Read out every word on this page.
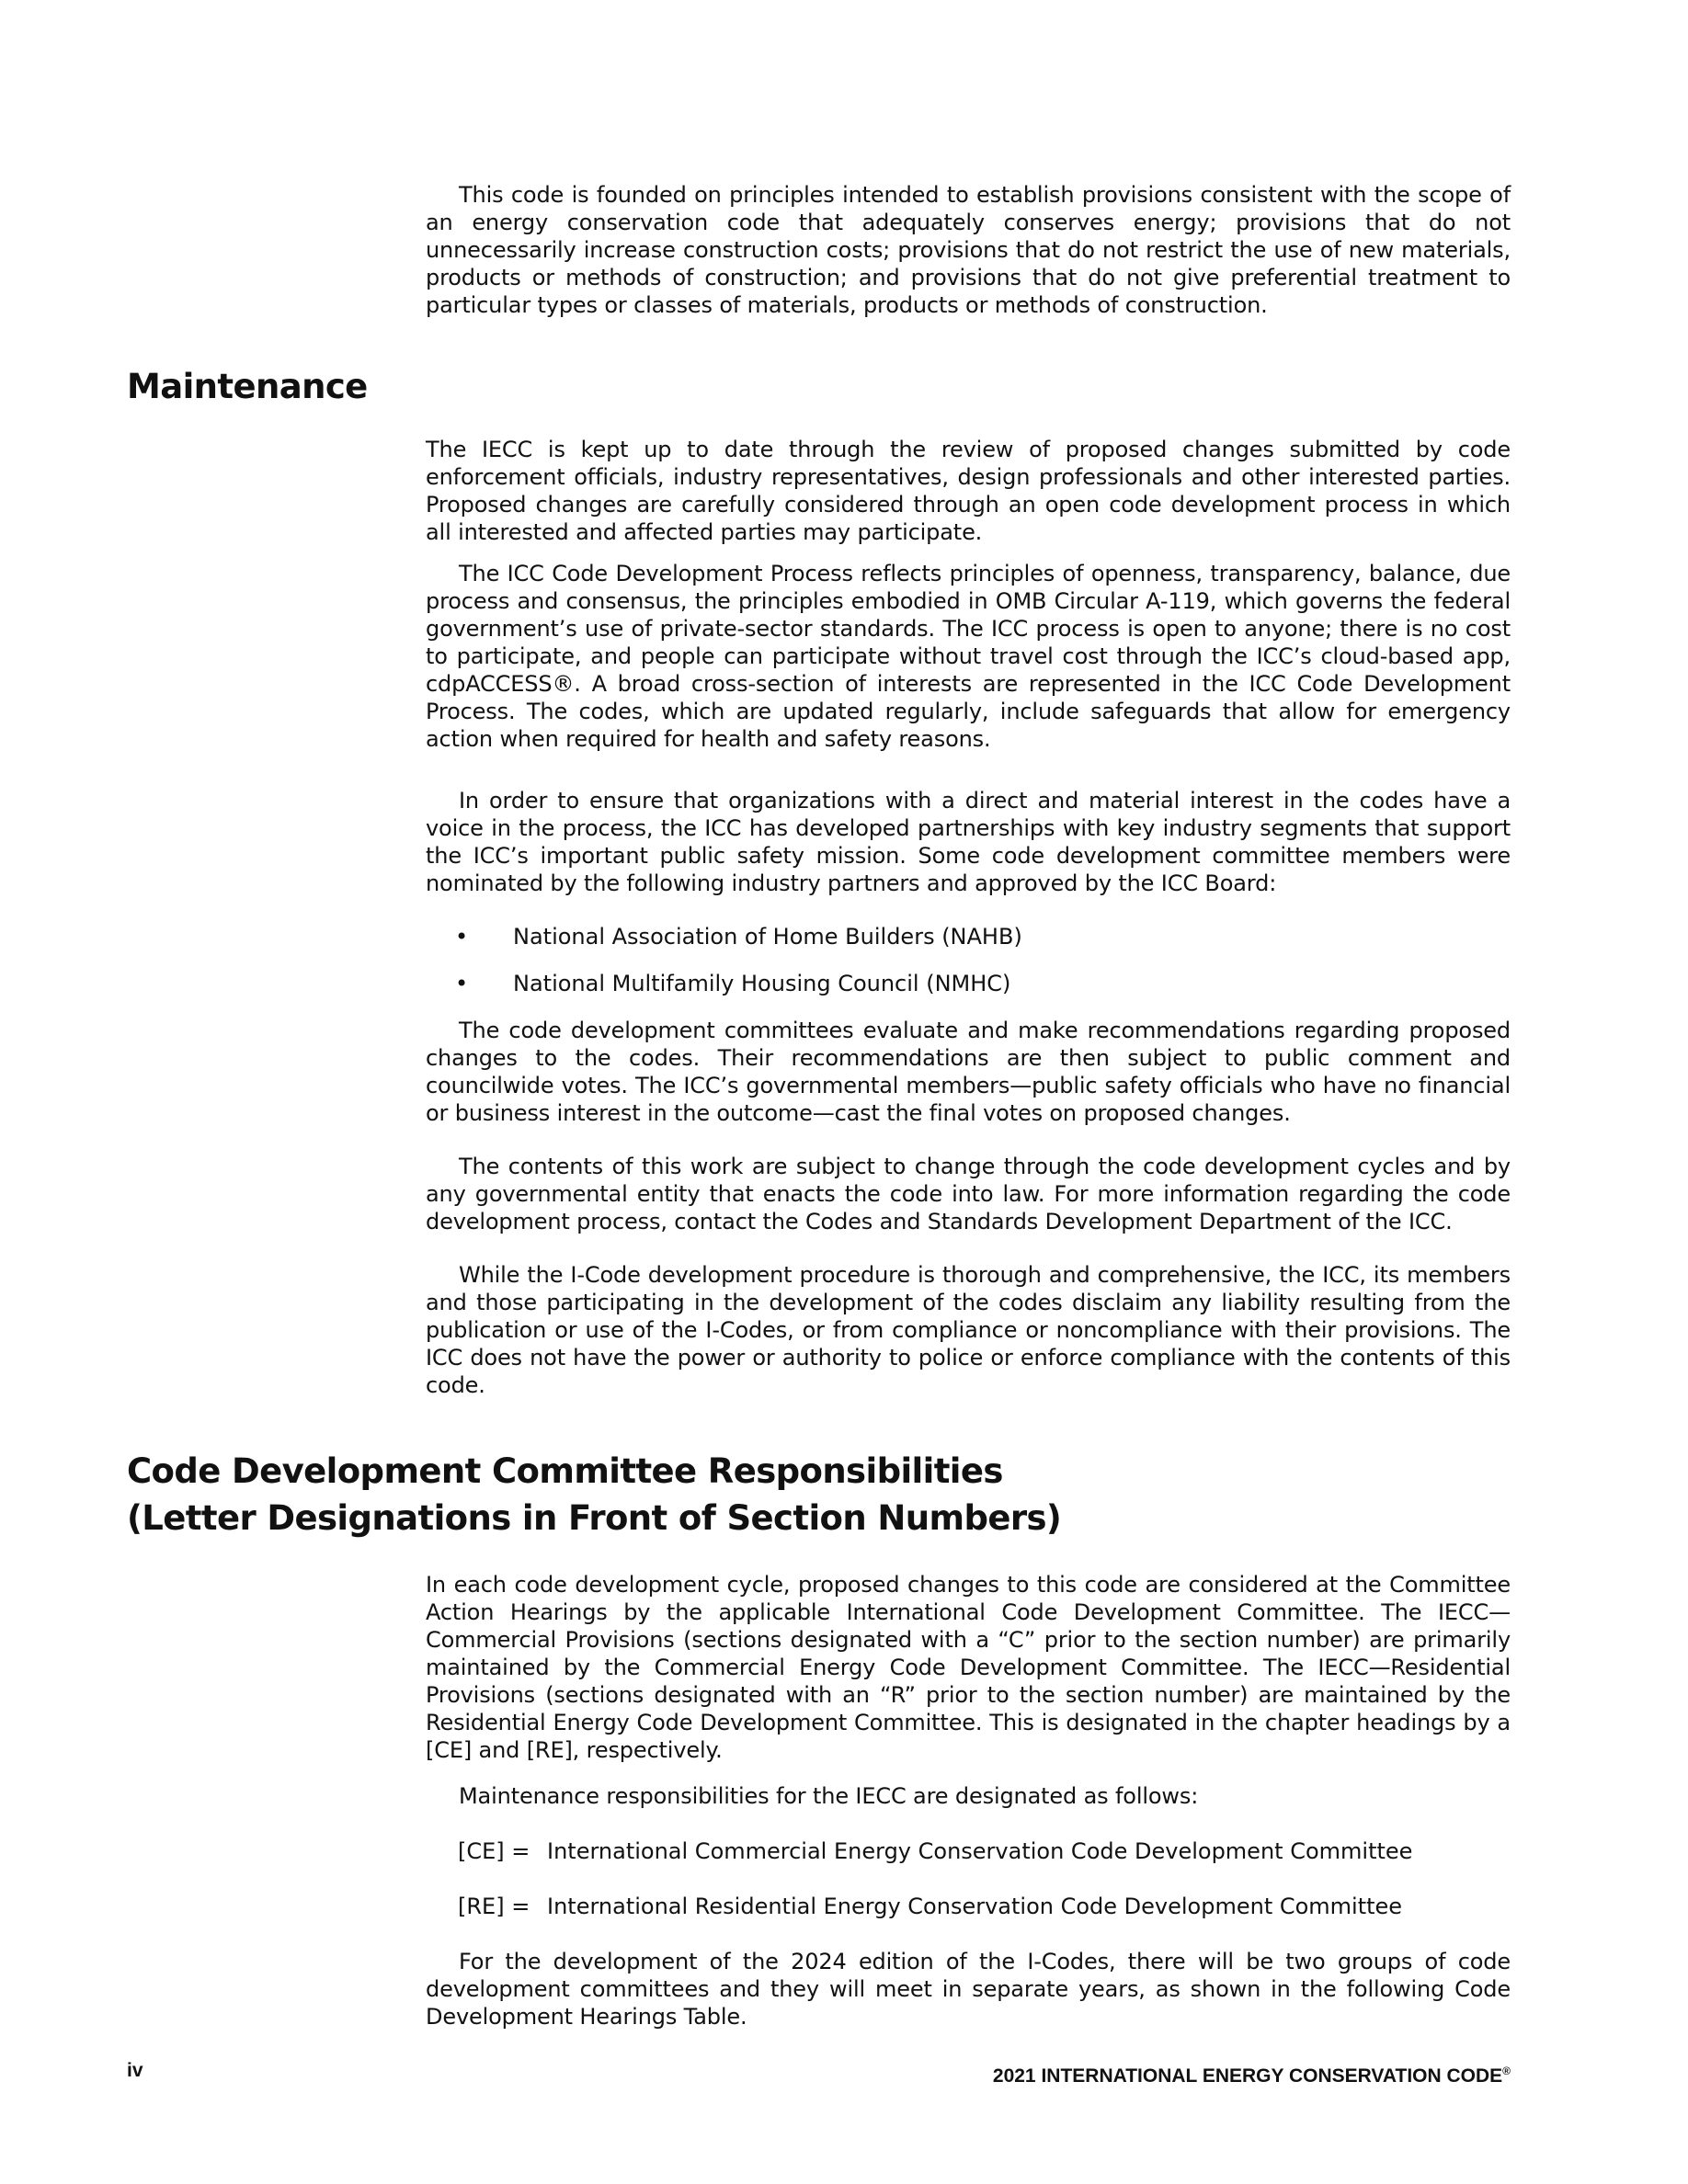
This code is founded on principles intended to establish provisions consistent with the scope of an energy conservation code that adequately conserves energy; provisions that do not unnecessarily increase construction costs; provisions that do not restrict the use of new materials, products or methods of construction; and provisions that do not give preferential treatment to particular types or classes of materials, products or methods of construction.

Maintenance

The IECC is kept up to date through the review of proposed changes submitted by code enforcement officials, industry representatives, design professionals and other interested parties. Proposed changes are carefully considered through an open code development process in which all interested and affected parties may participate.

The ICC Code Development Process reflects principles of openness, transparency, balance, due process and consensus, the principles embodied in OMB Circular A-119, which governs the federal government’s use of private-sector standards. The ICC process is open to anyone; there is no cost to participate, and people can participate without travel cost through the ICC’s cloud-based app, cdpACCESS®. A broad cross-section of interests are represented in the ICC Code Development Process. The codes, which are updated regularly, include safeguards that allow for emergency action when required for health and safety reasons.

In order to ensure that organizations with a direct and material interest in the codes have a voice in the process, the ICC has developed partnerships with key industry segments that support the ICC’s important public safety mission. Some code development committee members were nominated by the following industry partners and approved by the ICC Board:

• National Association of Home Builders (NAHB)
• National Multifamily Housing Council (NMHC)

The code development committees evaluate and make recommendations regarding proposed changes to the codes. Their recommendations are then subject to public comment and councilwide votes. The ICC’s governmental members—public safety officials who have no financial or business interest in the outcome—cast the final votes on proposed changes.

The contents of this work are subject to change through the code development cycles and by any governmental entity that enacts the code into law. For more information regarding the code development process, contact the Codes and Standards Development Department of the ICC.

While the I-Code development procedure is thorough and comprehensive, the ICC, its members and those participating in the development of the codes disclaim any liability resulting from the publication or use of the I-Codes, or from compliance or noncompliance with their provisions. The ICC does not have the power or authority to police or enforce compliance with the contents of this code.

Code Development Committee Responsibilities
(Letter Designations in Front of Section Numbers)

In each code development cycle, proposed changes to this code are considered at the Committee Action Hearings by the applicable International Code Development Committee. The IECC—Commercial Provisions (sections designated with a “C” prior to the section number) are primarily maintained by the Commercial Energy Code Development Committee. The IECC—Residential Provisions (sections designated with an “R” prior to the section number) are maintained by the Residential Energy Code Development Committee. This is designated in the chapter headings by a [CE] and [RE], respectively.

Maintenance responsibilities for the IECC are designated as follows:

[CE] = International Commercial Energy Conservation Code Development Committee
[RE] = International Residential Energy Conservation Code Development Committee

For the development of the 2024 edition of the I-Codes, there will be two groups of code development committees and they will meet in separate years, as shown in the following Code Development Hearings Table.

iv	2021 INTERNATIONAL ENERGY CONSERVATION CODE®
